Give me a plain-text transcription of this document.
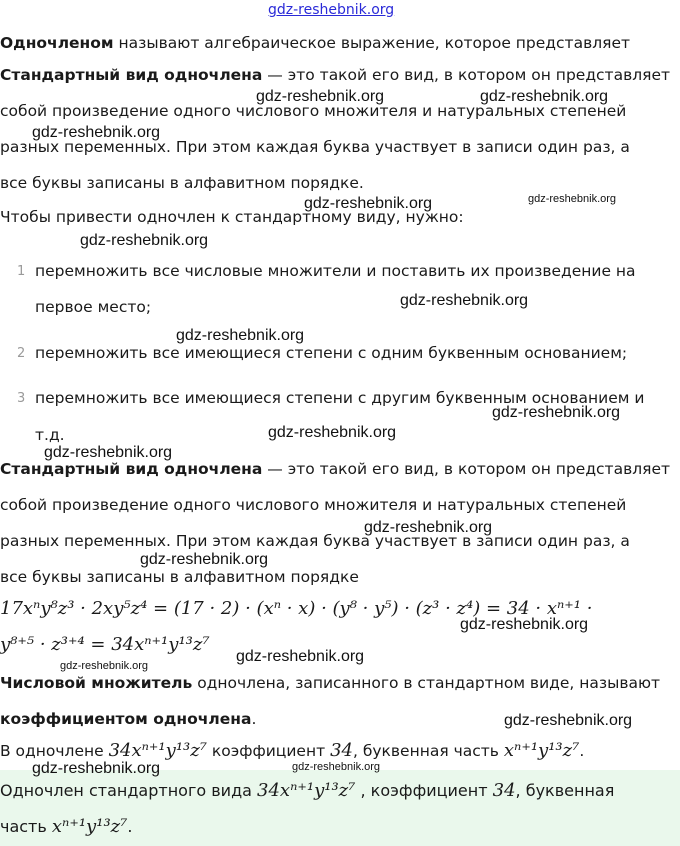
gdz-reshebnik.org
Одночленом называют алгебраическое выражение, которое представляет
Стандартный вид одночлена — это такой его вид, в котором он представляет
собой произведение одного числового множителя и натуральных степеней
разных переменных. При этом каждая буква участвует в записи один раз, а
все буквы записаны в алфавитном порядке.
Чтобы привести одночлен к стандартному виду, нужно:
1 перемножить все числовые множители и поставить их произведение на
первое место;
2 перемножить все имеющиеся степени с одним буквенным основанием;
3 перемножить все имеющиеся степени с другим буквенным основанием и
т.д.
Стандартный вид одночлена — это такой его вид, в котором он представляет
собой произведение одного числового множителя и натуральных степеней
разных переменных. При этом каждая буква участвует в записи один раз, а
все буквы записаны в алфавитном порядке
17xⁿy⁸z³ · 2xy⁵z⁴ = (17 · 2) · (xⁿ · x) · (y⁸ · y⁵) · (z³ · z⁴) = 34 · xⁿ⁺¹ ·
y⁸⁺⁵ · z³⁺⁴ = 34xⁿ⁺¹y¹³z⁷
Числовой множитель одночлена, записанного в стандартном виде, называют
коэффициентом одночлена.
В одночлене 34xⁿ⁺¹y¹³z⁷ коэффициент 34, буквенная часть xⁿ⁺¹y¹³z⁷.
Одночлен стандартного вида 34xⁿ⁺¹y¹³z⁷ , коэффициент 34, буквенная
часть xⁿ⁺¹y¹³z⁷.
gdz-reshebnik.org	gdz-reshebnik.org
gdz-reshebnik.org
gdz-reshebnik.org	gdz-reshebnik.org
gdz-reshebnik.org
gdz-reshebnik.org
gdz-reshebnik.org
gdz-reshebnik.org
gdz-reshebnik.org
gdz-reshebnik.org
gdz-reshebnik.org
gdz-reshebnik.org
gdz-reshebnik.org
gdz-reshebnik.org
gdz-reshebnik.org
gdz-reshebnik.org
gdz-reshebnik.org	gdz-reshebnik.org
